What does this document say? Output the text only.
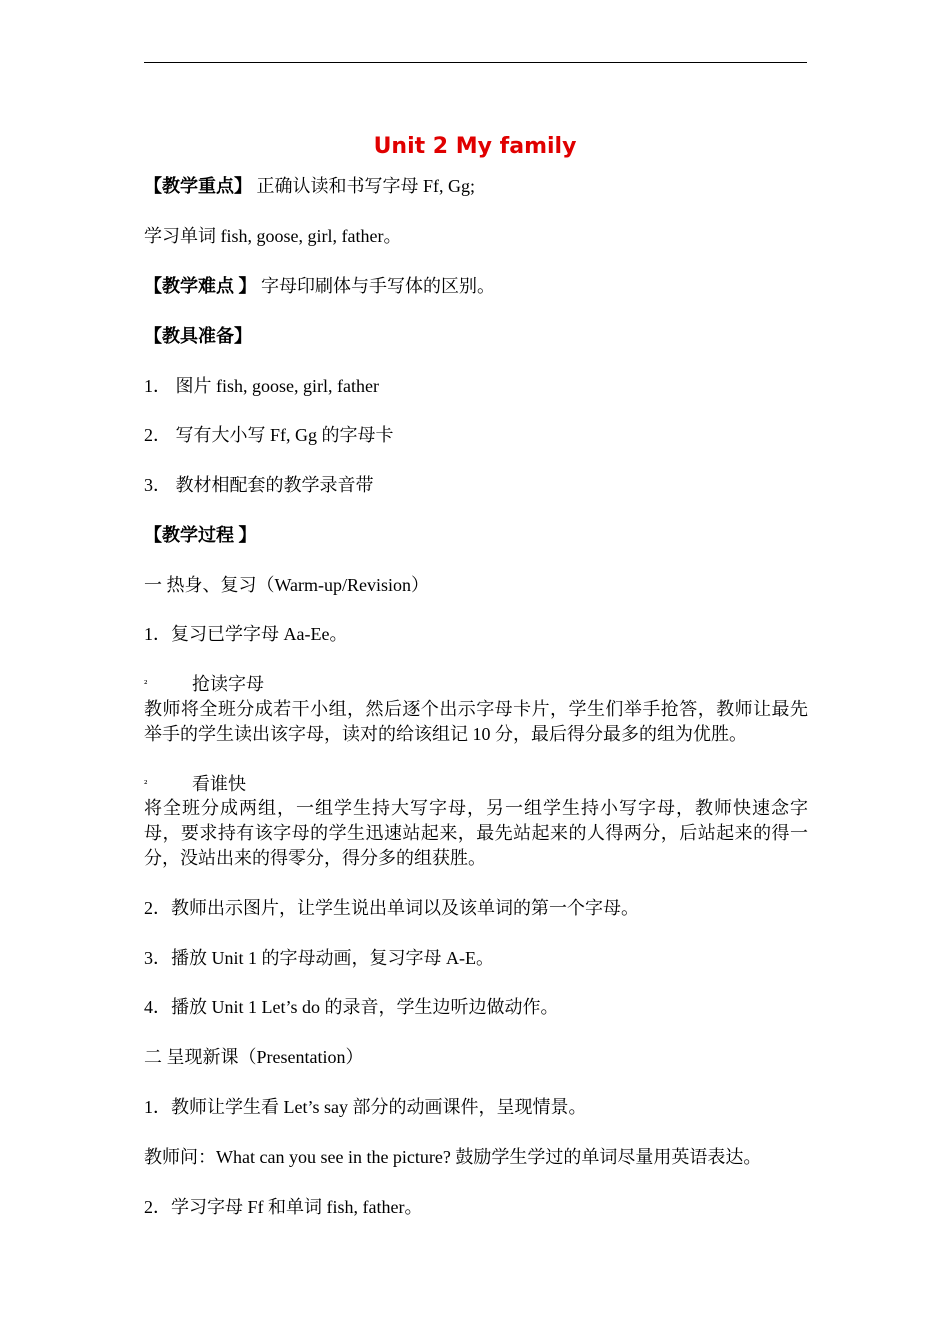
Unit 2 My family
【教学重点】 正确认读和书写字母 Ff, Gg;
学习单词 fish, goose, girl, father。
【教学难点 】 字母印刷体与手写体的区别。
【教具准备】
1． 图片 fish, goose, girl, father
2． 写有大小写 Ff, Gg 的字母卡
3． 教材相配套的教学录音带
【教学过程 】
一 热身、复习（Warm-up/Revision）
1．复习已学字母 Aa-Ee。
² 抢读字母
教师将全班分成若干小组，然后逐个出示字母卡片，学生们举手抢答，教师让最先举手的学生读出该字母，读对的给该组记 10 分，最后得分最多的组为优胜。
² 看谁快
将全班分成两组，一组学生持大写字母，另一组学生持小写字母，教师快速念字母，要求持有该字母的学生迅速站起来，最先站起来的人得两分，后站起来的得一分，没站出来的得零分，得分多的组获胜。
2．教师出示图片，让学生说出单词以及该单词的第一个字母。
3．播放 Unit 1 的字母动画，复习字母 A-E。
4．播放 Unit 1 Let’s do 的录音，学生边听边做动作。
二 呈现新课（Presentation）
1．教师让学生看 Let’s say 部分的动画课件，呈现情景。
教师问：What can you see in the picture? 鼓励学生学过的单词尽量用英语表达。
2．学习字母 Ff 和单词 fish, father。
